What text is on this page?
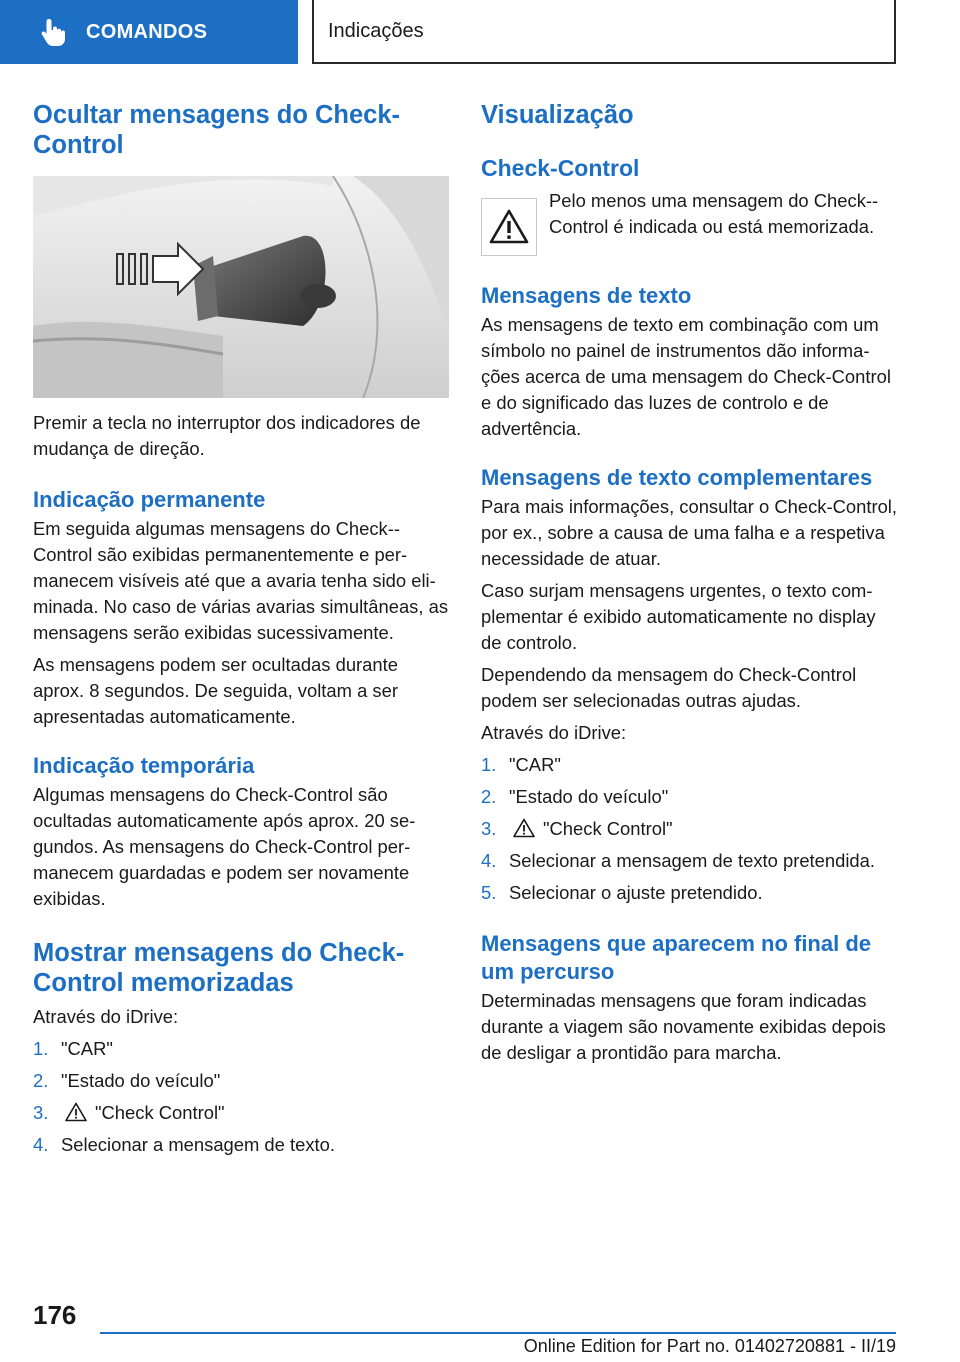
COMANDOS	Indicações
Ocultar mensagens do Check-Control

Premir a tecla no interruptor dos indicadores de mudança de direção.

Indicação permanente

Em seguida algumas mensagens do Check--Control são exibidas permanentemente e permanecem visíveis até que a avaria tenha sido eliminada. No caso de várias avarias simultâneas, as mensagens serão exibidas sucessivamente.

As mensagens podem ser ocultadas durante aprox. 8 segundos. De seguida, voltam a ser apresentadas automaticamente.

Indicação temporária

Algumas mensagens do Check-Control são ocultadas automaticamente após aprox. 20 segundos. As mensagens do Check-Control permanecem guardadas e podem ser novamente exibidas.

Mostrar mensagens do Check-Control memorizadas

Através do iDrive:

1. "CAR"
2. "Estado do veículo"
3.	"Check Control"
4. Selecionar a mensagem de texto.
Visualização
Check-Control

Pelo menos uma mensagem do Check--Control é indicada ou está memorizada.

Mensagens de texto

As mensagens de texto em combinação com um símbolo no painel de instrumentos dão informações acerca de uma mensagem do Check-Control e do significado das luzes de controlo e de advertência.

Mensagens de texto complementares

Para mais informações, consultar o Check-Control, por ex., sobre a causa de uma falha e a respetiva necessidade de atuar.

Caso surjam mensagens urgentes, o texto complementar é exibido automaticamente no display de controlo.

Dependendo da mensagem do Check-Control podem ser selecionadas outras ajudas.

Através do iDrive:

1. "CAR"
2. "Estado do veículo"
3.	"Check Control"
4. Selecionar a mensagem de texto pretendida.
5. Selecionar o ajuste pretendido.
Mensagens que aparecem no final de um percurso

Determinadas mensagens que foram indicadas durante a viagem são novamente exibidas depois de desligar a prontidão para marcha.

176
Online Edition for Part no. 01402720881 - II/19
